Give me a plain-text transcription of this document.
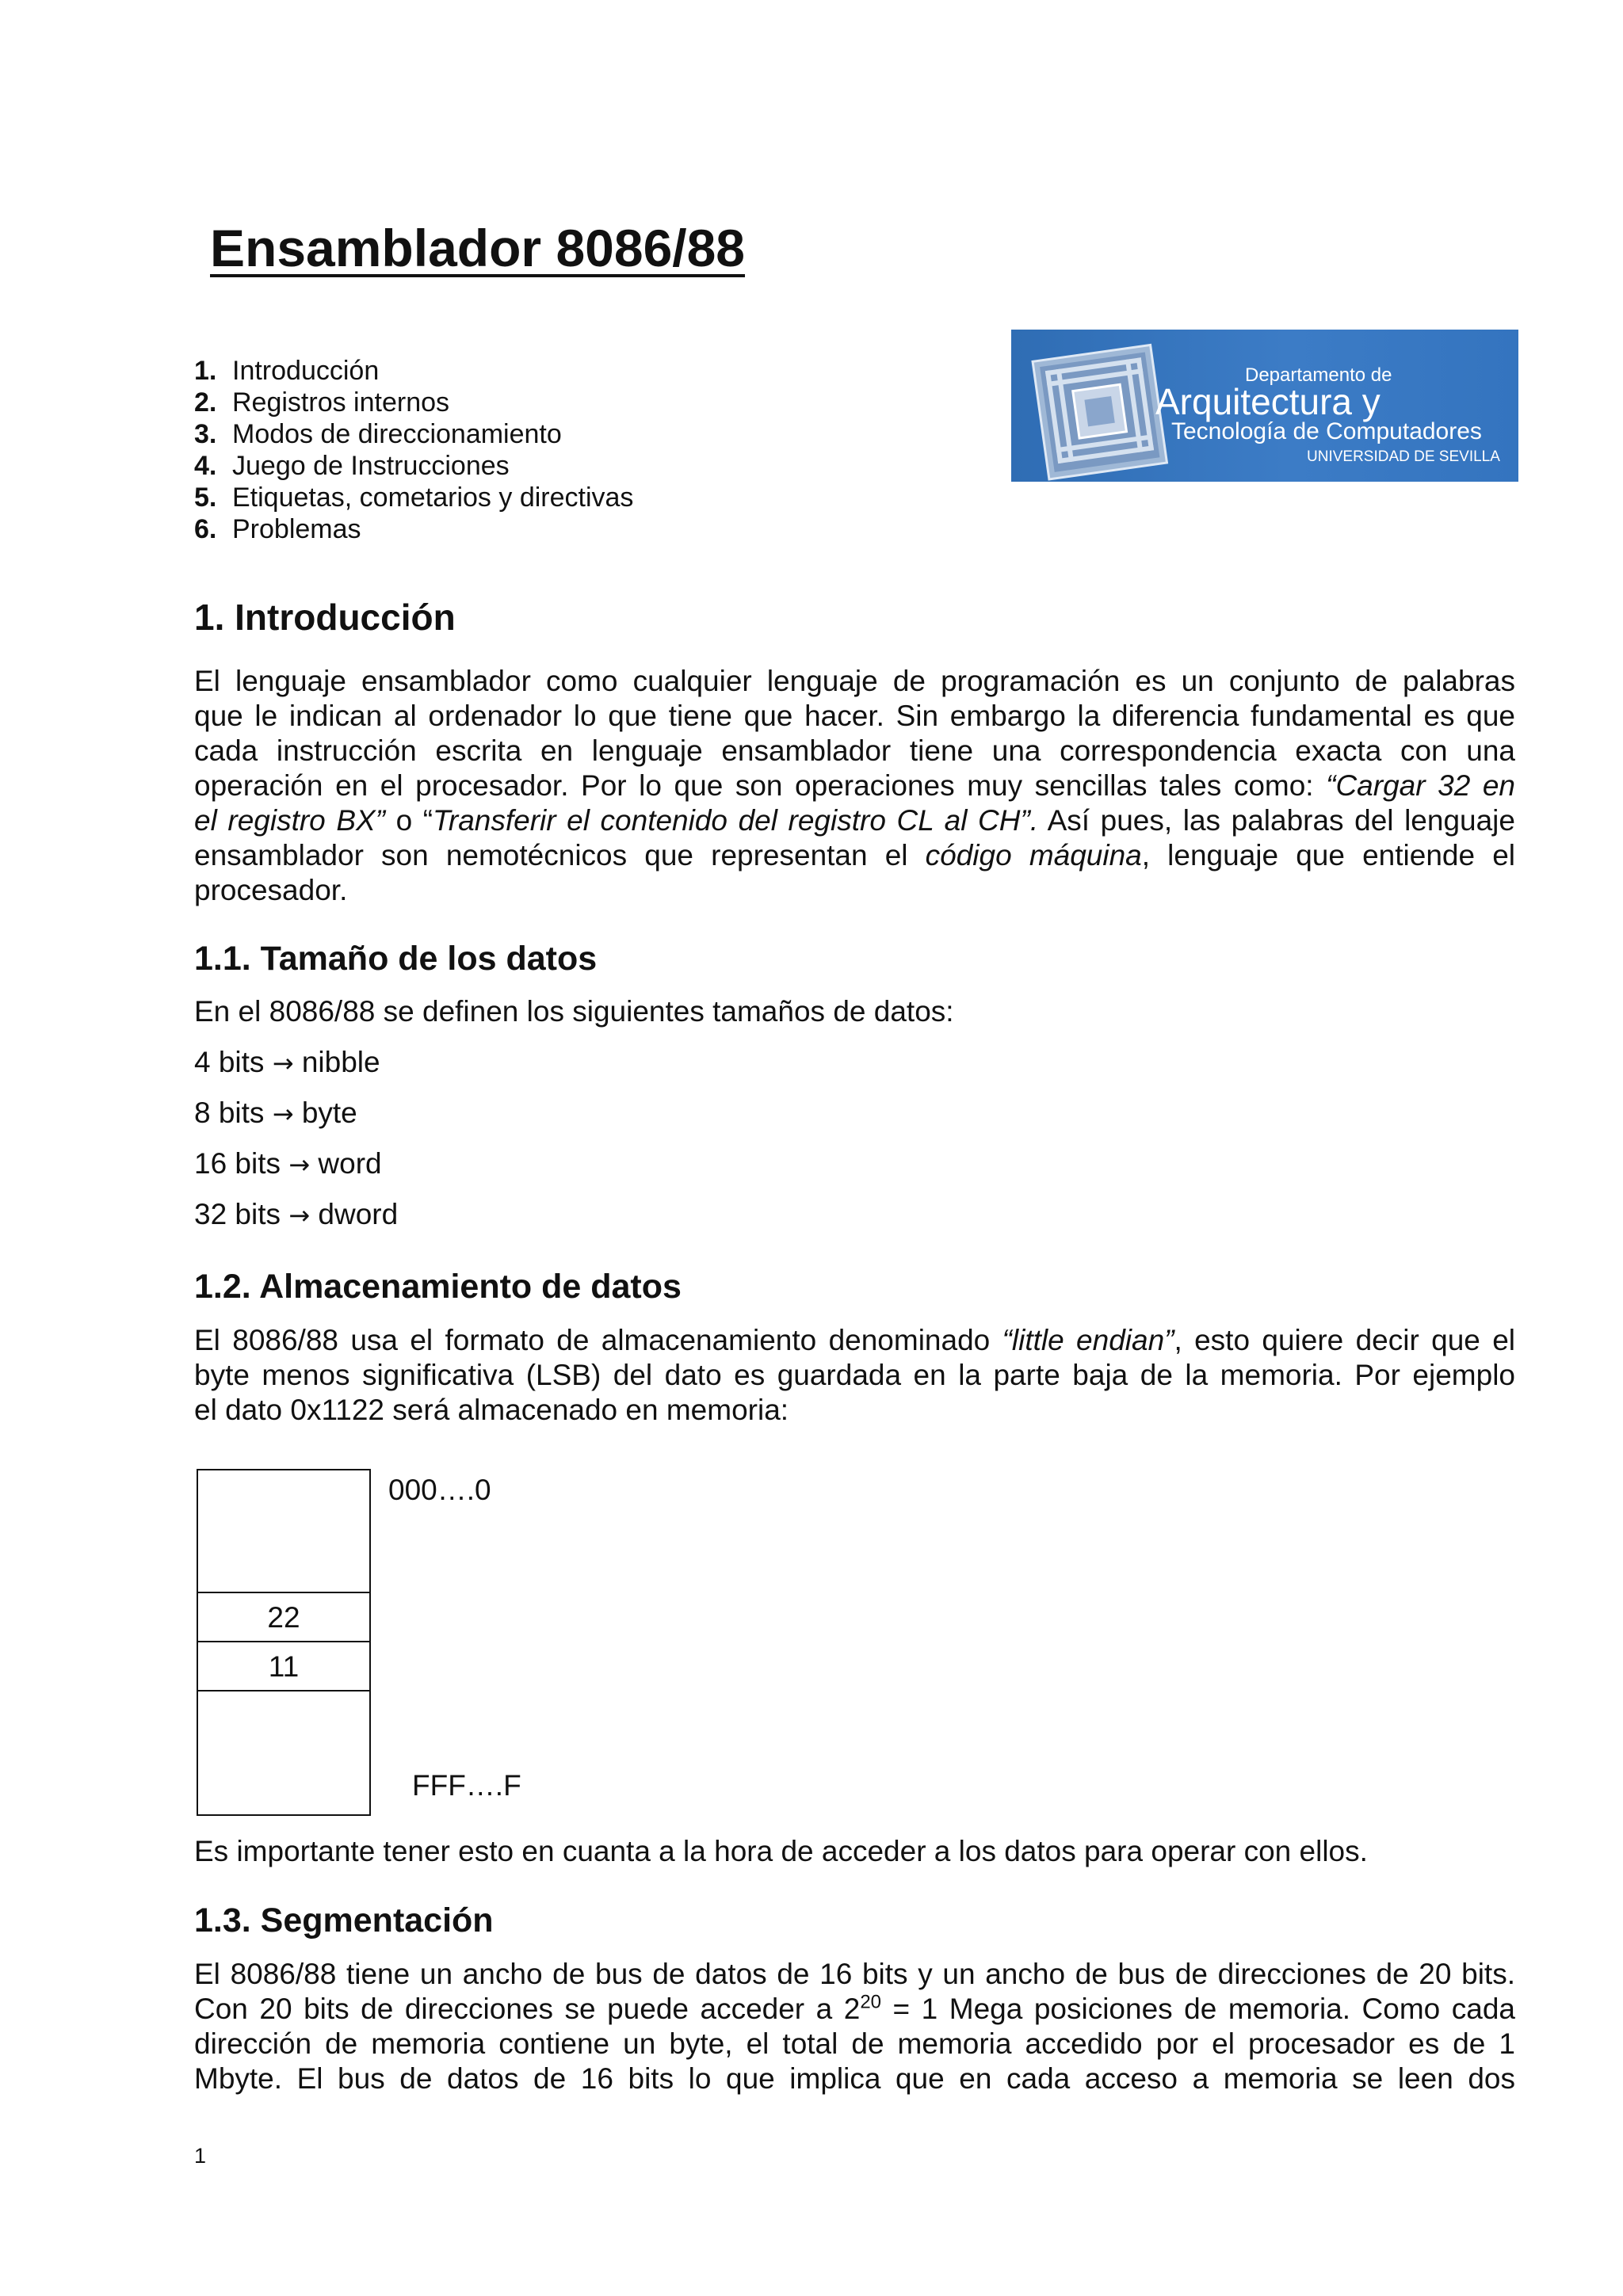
Ensamblador 8086/88
1. Introducción
2. Registros internos
3. Modos de direccionamiento
4. Juego de Instrucciones
5. Etiquetas, cometarios y directivas
6. Problemas
Departamento de
Arquitectura y
Tecnología de Computadores
UNIVERSIDAD DE SEVILLA
1. Introducción
El lenguaje ensamblador como cualquier lenguaje de programación es un conjunto de palabras
que le indican al ordenador lo que tiene que hacer. Sin embargo la diferencia fundamental es que
cada instrucción escrita en lenguaje ensamblador tiene una correspondencia exacta con una
operación en el procesador. Por lo que son operaciones muy sencillas tales como: “Cargar 32 en
el registro BX” o “Transferir el contenido del registro CL al CH”. Así pues, las palabras del lenguaje
ensamblador son nemotécnicos que representan el código máquina, lenguaje que entiende el
procesador.
1.1. Tamaño de los datos

En el 8086/88 se definen los siguientes tamaños de datos:

4 bits → nibble

8 bits → byte

16 bits → word

32 bits → dword

1.2. Almacenamiento de datos
El 8086/88 usa el formato de almacenamiento denominado “little endian”, esto quiere decir que el
byte menos significativa (LSB) del dato es guardada en la parte baja de la memoria. Por ejemplo
el dato 0x1122 será almacenado en memoria:
22
11
000….0
FFF….F

Es importante tener esto en cuanta a la hora de acceder a los datos para operar con ellos.

1.3. Segmentación
El 8086/88 tiene un ancho de bus de datos de 16 bits y un ancho de bus de direcciones de 20 bits.
Con 20 bits de direcciones se puede acceder a $2^{20} = 1$ Mega posiciones de memoria. Como cada
dirección de memoria contiene un byte, el total de memoria accedido por el procesador es de 1
Mbyte. El bus de datos de 16 bits lo que implica que en cada acceso a memoria se leen dos
1
